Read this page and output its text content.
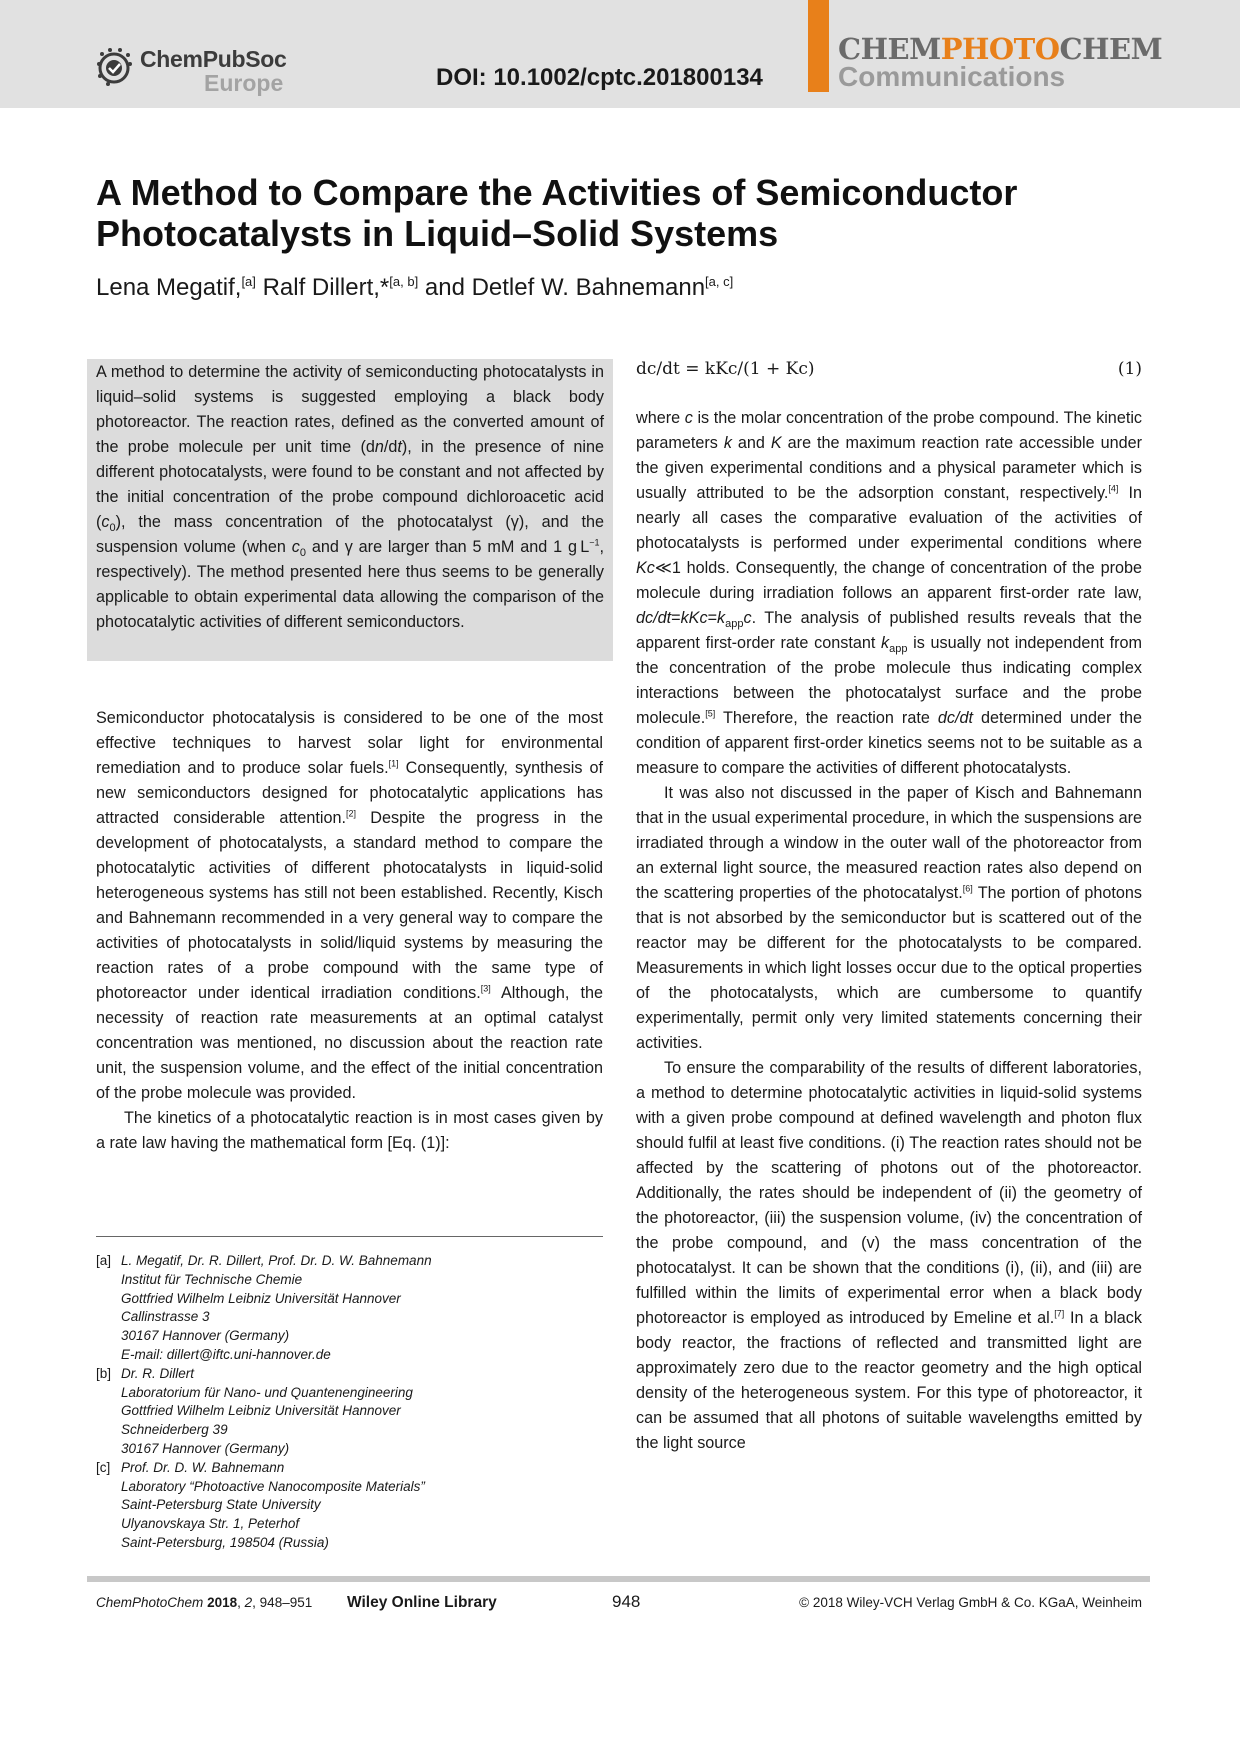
ChemPubSoc
Europe	DOI: 10.1002/cptc.201800134
CHEMPHOTOCHEM
Communications
A Method to Compare the Activities of Semiconductor
Photocatalysts in Liquid–Solid Systems
Lena Megatif,[a] Ralf Dillert,*[a, b] and Detlef W. Bahnemann[a, c]

A method to determine the activity of semiconducting photocatalysts in liquid–solid systems is suggested employing a black body photoreactor. The reaction rates, defined as the converted amount of the probe molecule per unit time (dn/dt), in the presence of nine different photocatalysts, were found to be constant and not affected by the initial concentration of the probe compound dichloroacetic acid $(c_0)$, the mass concentration of the photocatalyst (γ), and the suspension volume (when $c_0$ and γ are larger than 5 mM and 1 g $L^{-1}$, respectively). The method presented here thus seems to be generally applicable to obtain experimental data allowing the comparison of the photocatalytic activities of different semiconductors.

Semiconductor photocatalysis is considered to be one of the most effective techniques to harvest solar light for environmental remediation and to produce solar fuels.[1] Consequently, synthesis of new semiconductors designed for photocatalytic applications has attracted considerable attention.[2] Despite the progress in the development of photocatalysts, a standard method to compare the photocatalytic activities of different photocatalysts in liquid-solid heterogeneous systems has still not been established. Recently, Kisch and Bahnemann recommended in a very general way to compare the activities of photocatalysts in solid/liquid systems by measuring the reaction rates of a probe compound with the same type of photoreactor under identical irradiation conditions.[3] Although, the necessity of reaction rate measurements at an optimal catalyst concentration was mentioned, no discussion about the reaction rate unit, the suspension volume, and the effect of the initial concentration of the probe molecule was provided.

The kinetics of a photocatalytic reaction is in most cases given by a rate law having the mathematical form [Eq. (1)]:

dc/dt = kKc/(1 + Kc)	(1)

where c is the molar concentration of the probe compound. The kinetic parameters k and K are the maximum reaction rate accessible under the given experimental conditions and a physical parameter which is usually attributed to be the adsorption constant, respectively.[4] In nearly all cases the comparative evaluation of the activities of photocatalysts is performed under experimental conditions where Kc≪1 holds. Consequently, the change of concentration of the probe molecule during irradiation follows an apparent first-order rate law, $dc/dt=kKc=k_{app}c$. The analysis of published results reveals that the apparent first-order rate constant $k_{app}$ is usually not independent from the concentration of the probe molecule thus indicating complex interactions between the photocatalyst surface and the probe molecule.[5] Therefore, the reaction rate dc/dt determined under the condition of apparent first-order kinetics seems not to be suitable as a measure to compare the activities of different photocatalysts.

It was also not discussed in the paper of Kisch and Bahnemann that in the usual experimental procedure, in which the suspensions are irradiated through a window in the outer wall of the photoreactor from an external light source, the measured reaction rates also depend on the scattering properties of the photocatalyst.[6] The portion of photons that is not absorbed by the semiconductor but is scattered out of the reactor may be different for the photocatalysts to be compared. Measurements in which light losses occur due to the optical properties of the photocatalysts, which are cumbersome to quantify experimentally, permit only very limited statements concerning their activities.

To ensure the comparability of the results of different laboratories, a method to determine photocatalytic activities in liquid-solid systems with a given probe compound at defined wavelength and photon flux should fulfil at least five conditions. (i) The reaction rates should not be affected by the scattering of photons out of the photoreactor. Additionally, the rates should be independent of (ii) the geometry of the photoreactor, (iii) the suspension volume, (iv) the concentration of the probe compound, and (v) the mass concentration of the photocatalyst. It can be shown that the conditions (i), (ii), and (iii) are fulfilled within the limits of experimental error when a black body photoreactor is employed as introduced by Emeline et al.[7] In a black body reactor, the fractions of reflected and transmitted light are approximately zero due to the reactor geometry and the high optical density of the heterogeneous system. For this type of photoreactor, it can be assumed that all photons of suitable wavelengths emitted by the light source

[a] L. Megatif, Dr. R. Dillert, Prof. Dr. D. W. Bahnemann
Institut für Technische Chemie
Gottfried Wilhelm Leibniz Universität Hannover
Callinstrasse 3
30167 Hannover (Germany)
E-mail: dillert@iftc.uni-hannover.de
[b] Dr. R. Dillert
Laboratorium für Nano- und Quantenengineering
Gottfried Wilhelm Leibniz Universität Hannover
Schneiderberg 39
30167 Hannover (Germany)
[c] Prof. Dr. D. W. Bahnemann
Laboratory “Photoactive Nanocomposite Materials”
Saint-Petersburg State University
Ulyanovskaya Str. 1, Peterhof
Saint-Petersburg, 198504 (Russia)
ChemPhotoChem 2018, 2, 948–951 Wiley Online Library	948	© 2018 Wiley-VCH Verlag GmbH & Co. KGaA, Weinheim
